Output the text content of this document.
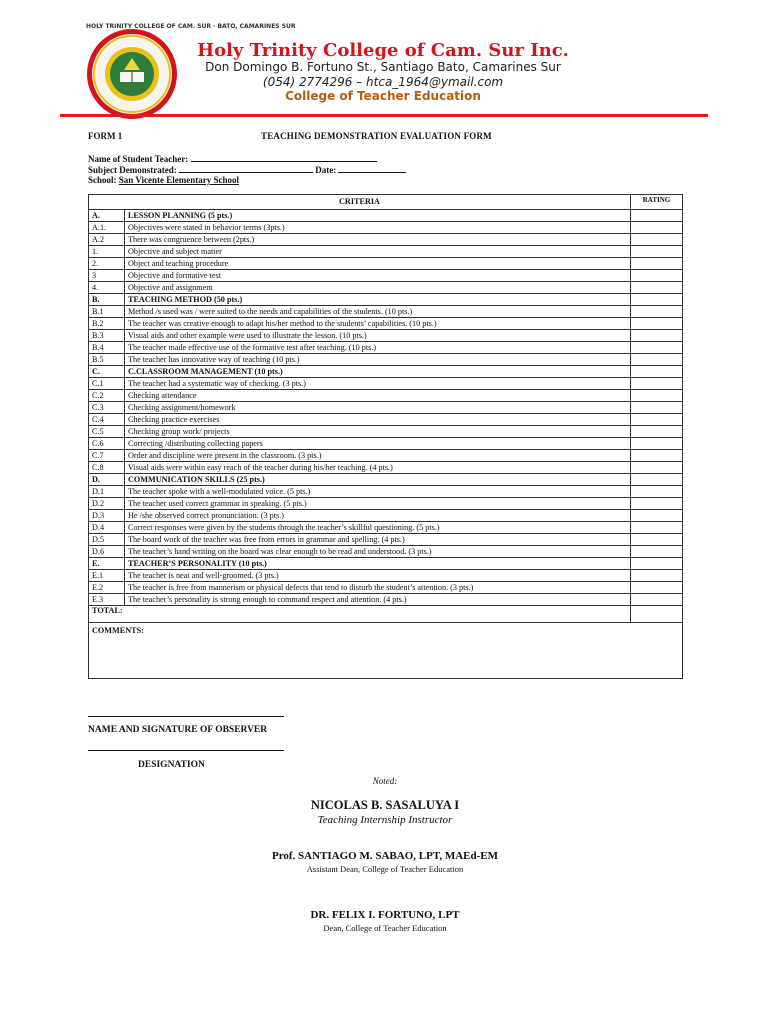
HOLY TRINITY COLLEGE OF CAM. SUR · BATO, CAMARINES SUR
Holy Trinity College of Cam. Sur Inc.
Don Domingo B. Fortuno St., Santiago Bato, Camarines Sur
(054) 2774296 – htca_1964@ymail.com
College of Teacher Education
FORM 1	TEACHING DEMONSTRATION EVALUATION FORM
Name of Student Teacher:
Subject Demonstrated:	Date:
School: San Vicente Elementary School
CRITERIA		RATING
A.	LESSON PLANNING (5 pts.)	
A.1.	Objectives were stated in behavior terms (3pts.)	
A.2	There was congruence between (2pts.)	
1.	Objective and subject matter	
2.	Object and teaching procedure	
3	Objective and formative test	
4.	Objective and assignment	
B.	TEACHING METHOD (50 pts.)	
B.1	Method /s used was / were suited to the needs and capabilities of the students. (10 pts.)	
B.2	The teacher was creative enough to adapt his/her method to the students’ capabilities. (10 pts.)	
B.3	Visual aids and other example were used to illustrate the lesson. (10 pts.)	
B.4	The teacher made effective use of the formative test after teaching. (10 pts.)	
B.5	The teacher has innovative way of teaching (10 pts.)	
C.	C.CLASSROOM MANAGEMENT (10 pts.)	
C.1	The teacher had a systematic way of checking. (3 pts.)	
C.2	Checking attendance	
C.3	Checking assignment/homework	
C.4	Checking practice exercises	
C.5	Checking group work/ projects	
C.6	Correcting /distributing collecting papers	
C.7	Order and discipline were present in the classroom. (3 pts.)	
C.8	Visual aids were within easy reach of the teacher during his/her teaching. (4 pts.)	
D.	COMMUNICATION SKILLS (25 pts.)	
D.1	The teacher spoke with a well-modulated voice. (5 pts.)	
D.2	The teacher used correct grammar in speaking. (5 pts.)	
D.3	He /she observed correct pronunciation. (3 pts.)	
D.4	Correct responses were given by the students through the teacher’s skillful questioning. (5 pts.)	
D.5	The board work of the teacher was free from errors in grammar and spelling. (4 pts.)	
D.6	The teacher’s hand writing on the board was clear enough to be read and understood. (3 pts.)	
E.	TEACHER’S PERSONALITY (10 pts.)	
E.1	The teacher is neat and well-groomed. (3 pts.)	
E.2	The teacher is free from mannerism or physical defects that tend to disturb the student’s attention. (3 pts.)	
E.3	The teacher’s personality is strong enough to command respect and attention. (4 pts.)	
TOTAL:		
COMMENTS:		
NAME AND SIGNATURE OF OBSERVER
DESIGNATION
Noted:
NICOLAS B. SASALUYA I
Teaching Internship Instructor
Prof. SANTIAGO M. SABAO, LPT, MAEd-EM
Assistant Dean, College of Teacher Education
DR. FELIX I. FORTUNO, LPT
Dean, College of Teacher Education
